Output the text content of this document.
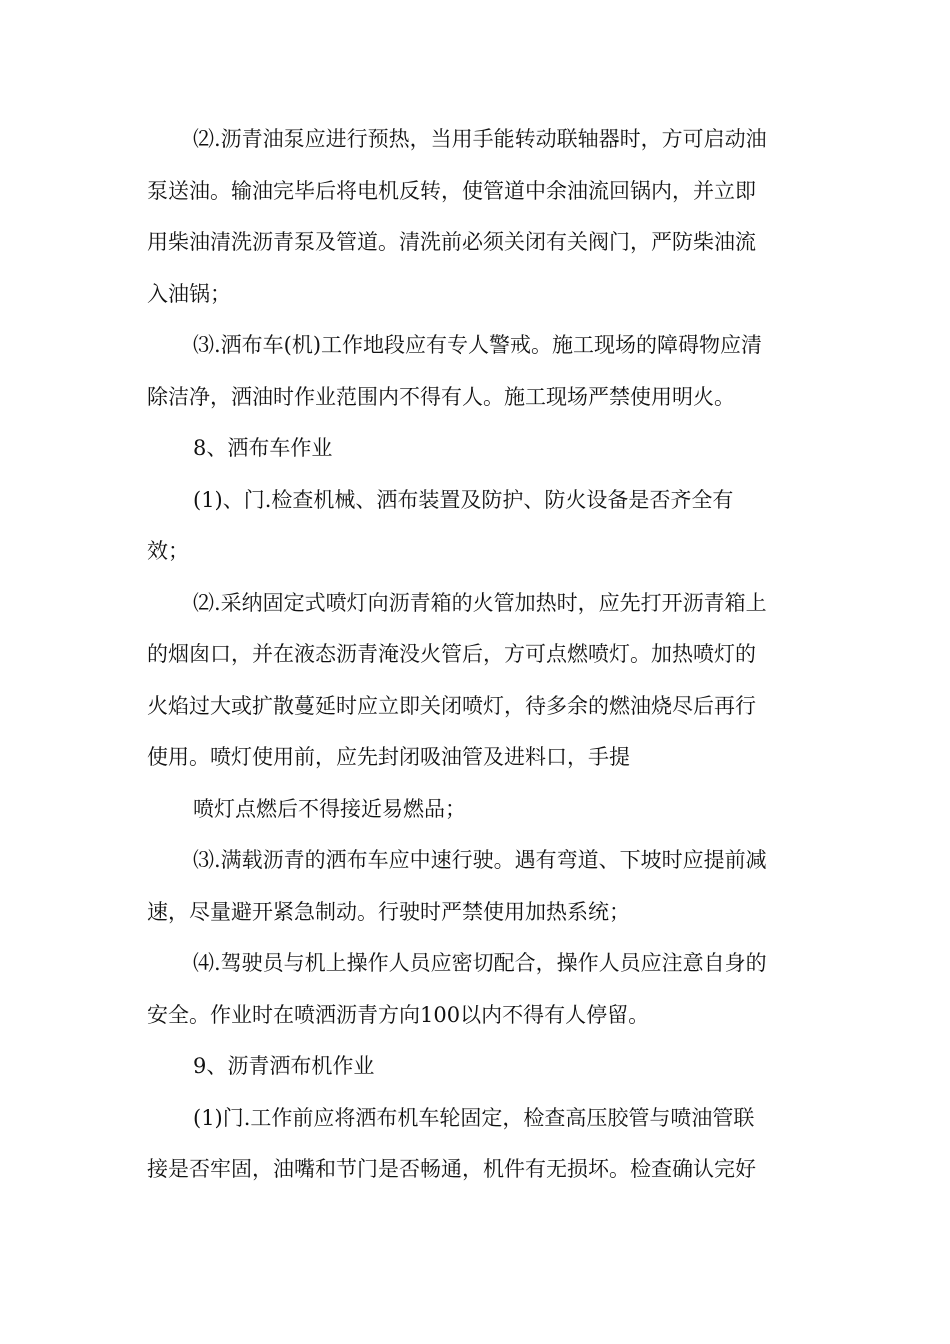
⑵.沥青油泵应进行预热，当用手能转动联轴器时，方可启动油
泵送油。输油完毕后将电机反转，使管道中余油流回锅内，并立即
用柴油清洗沥青泵及管道。清洗前必须关闭有关阀门，严防柴油流
入油锅；
⑶.洒布车(机)工作地段应有专人警戒。施工现场的障碍物应清
除洁净，洒油时作业范围内不得有人。施工现场严禁使用明火。
8、洒布车作业
(1)、门.检查机械、洒布装置及防护、防火设备是否齐全有
效；
⑵.采纳固定式喷灯向沥青箱的火管加热时，应先打开沥青箱上
的烟囱口，并在液态沥青淹没火管后，方可点燃喷灯。加热喷灯的
火焰过大或扩散蔓延时应立即关闭喷灯，待多余的燃油烧尽后再行
使用。喷灯使用前，应先封闭吸油管及进料口，手提
喷灯点燃后不得接近易燃品；
⑶.满载沥青的洒布车应中速行驶。遇有弯道、下坡时应提前减
速，尽量避开紧急制动。行驶时严禁使用加热系统；
⑷.驾驶员与机上操作人员应密切配合，操作人员应注意自身的
安全。作业时在喷洒沥青方向100以内不得有人停留。
9、沥青洒布机作业
(1)门.工作前应将洒布机车轮固定，检查高压胶管与喷油管联
接是否牢固，油嘴和节门是否畅通，机件有无损坏。检查确认完好
